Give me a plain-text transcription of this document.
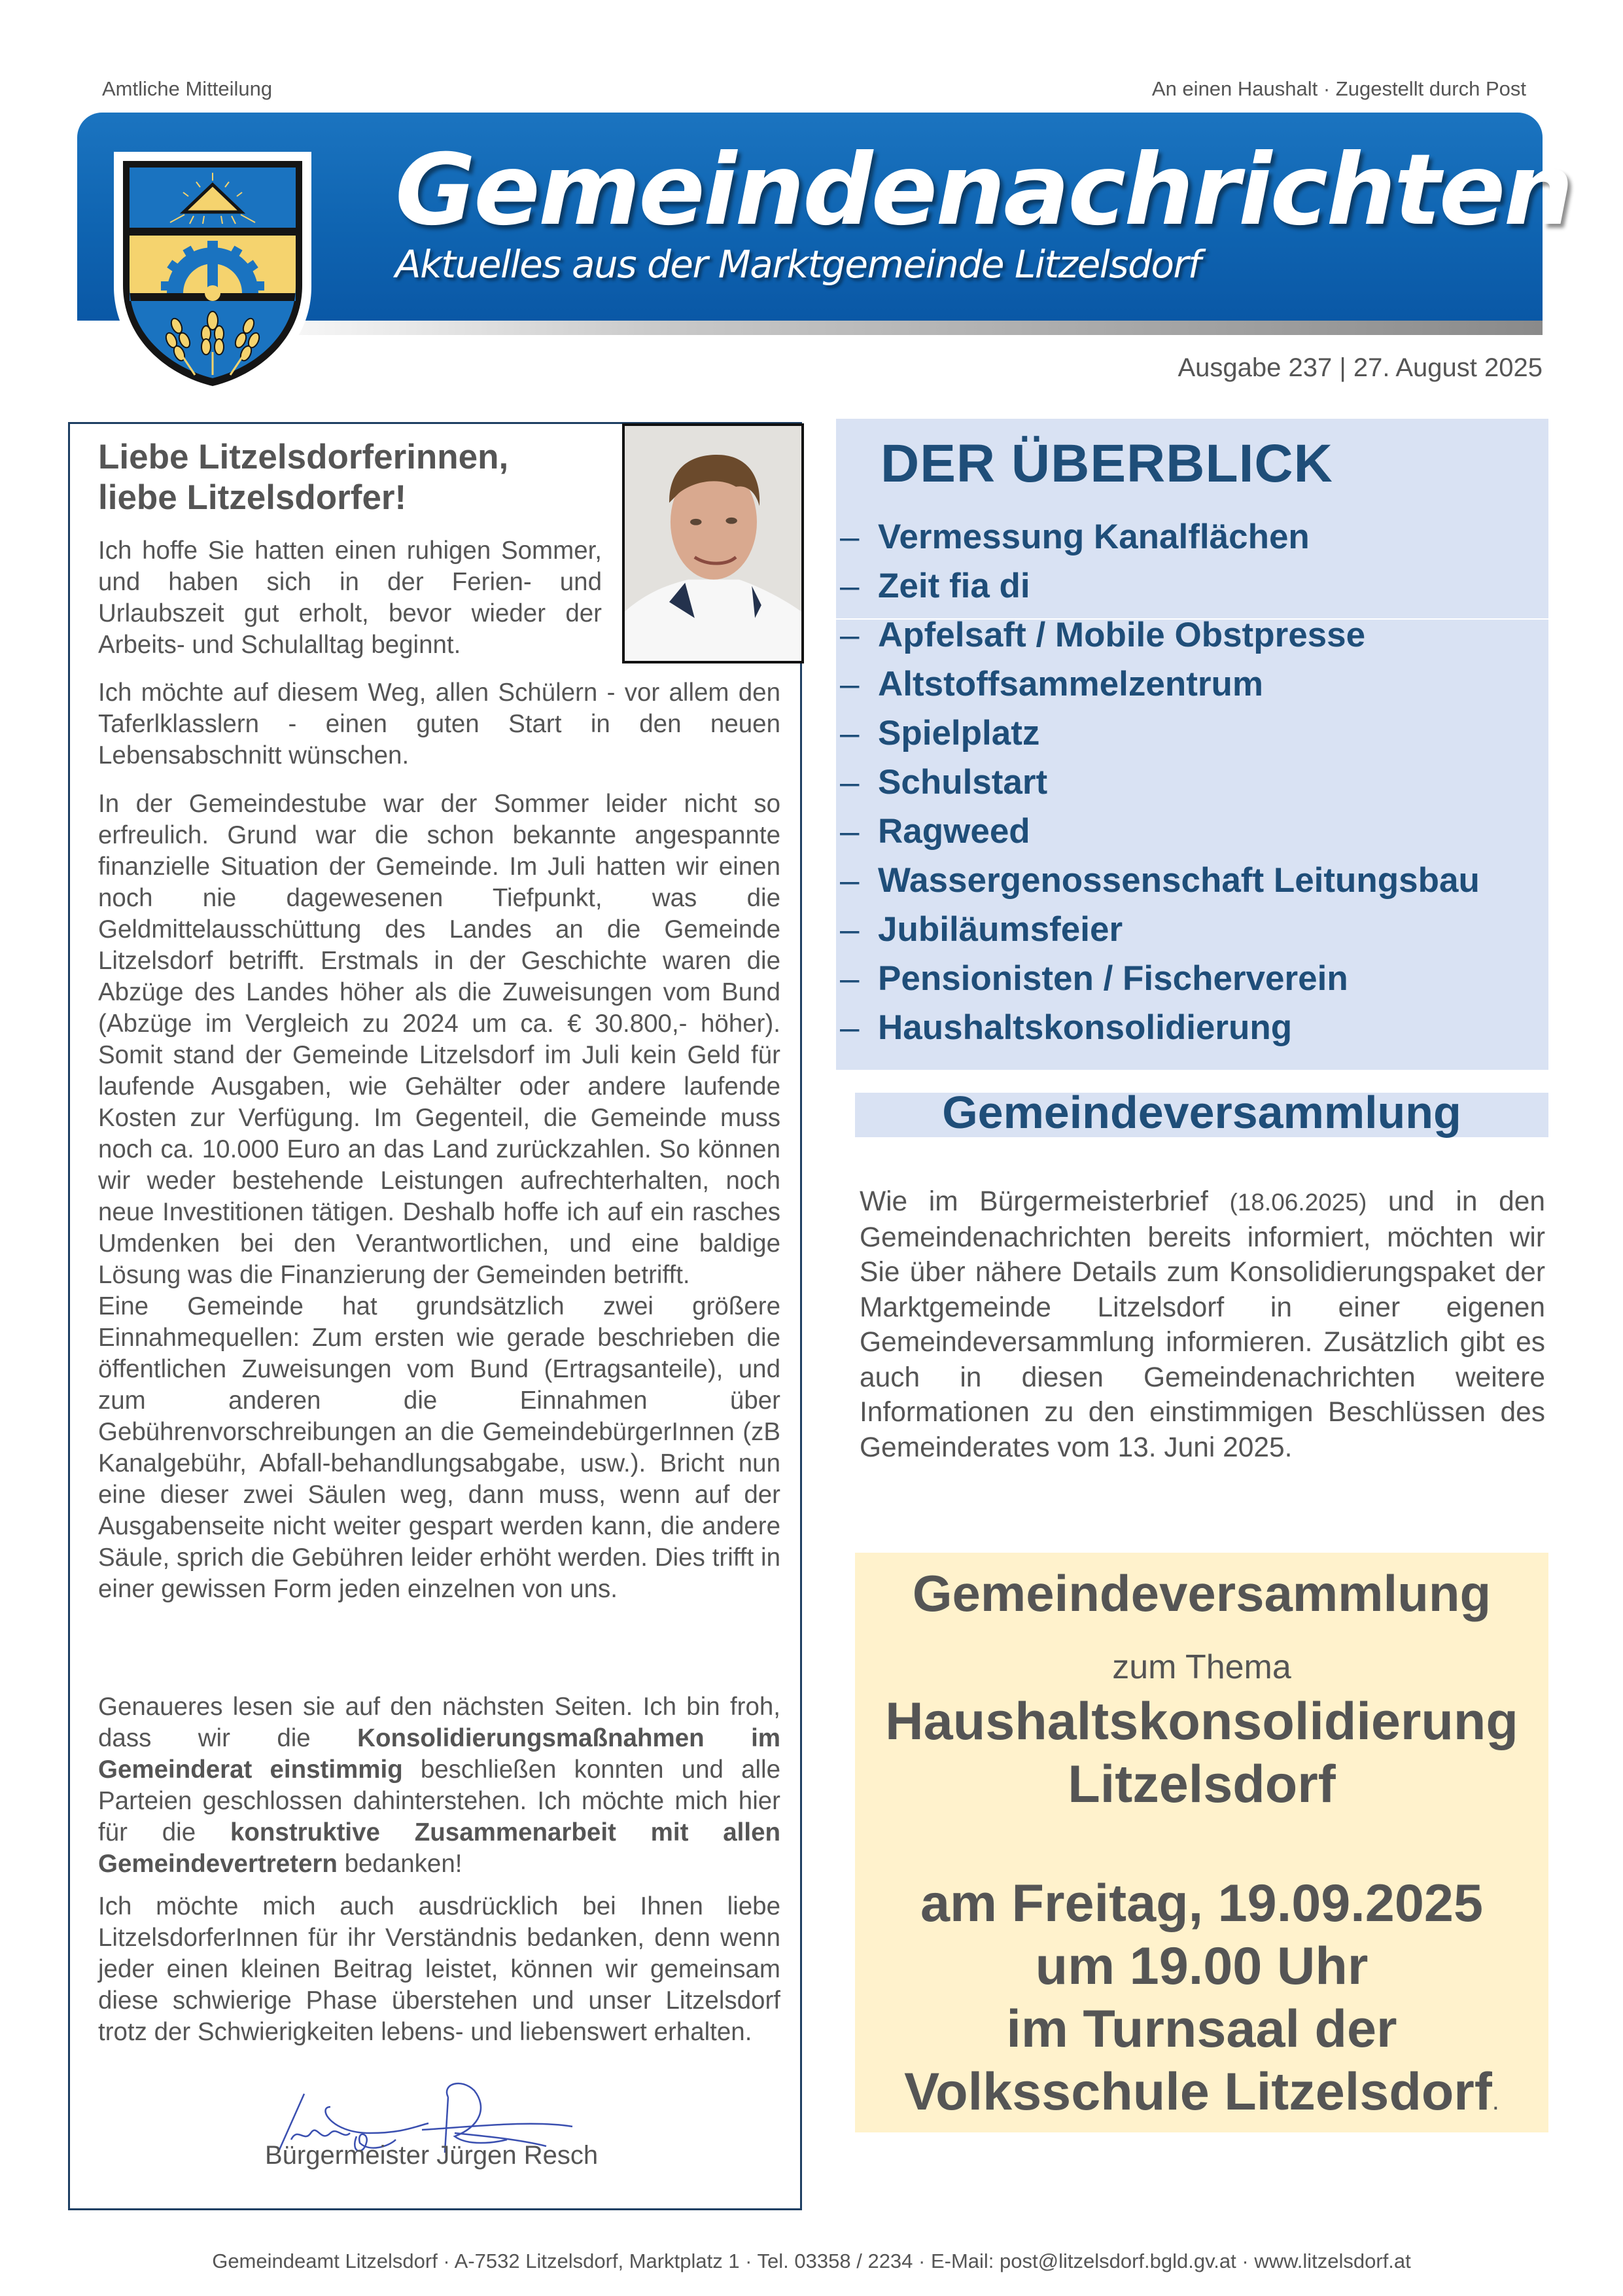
Amtliche Mitteilung	An einen Haushalt · Zugestellt durch Post
Gemeindenachrichten
Aktuelles aus der Marktgemeinde Litzelsdorf
Ausgabe 237 | 27. August 2025
Liebe Litzelsdorferinnen,
liebe Litzelsdorfer!
Ich hoffe Sie hatten einen ruhigen Sommer, und haben sich in der Ferien- und Urlaubszeit gut erholt, bevor wieder der Arbeits- und Schulalltag beginnt.
Ich möchte auf diesem Weg, allen Schülern - vor allem den Taferlklasslern - einen guten Start in den neuen Lebensabschnitt wünschen.
In der Gemeindestube war der Sommer leider nicht so erfreulich. Grund war die schon bekannte angespannte finanzielle Situation der Gemeinde. Im Juli hatten wir einen noch nie dagewesenen Tiefpunkt, was die Geldmittelausschüttung des Landes an die Gemeinde Litzelsdorf betrifft. Erstmals in der Geschichte waren die Abzüge des Landes höher als die Zuweisungen vom Bund (Abzüge im Vergleich zu 2024 um ca. € 30.800,- höher). Somit stand der Gemeinde Litzelsdorf im Juli kein Geld für laufende Ausgaben, wie Gehälter oder andere laufende Kosten zur Verfügung. Im Gegenteil, die Gemeinde muss noch ca. 10.000 Euro an das Land zurückzahlen. So können wir weder bestehende Leistungen aufrechterhalten, noch neue Investitionen tätigen. Deshalb hoffe ich auf ein rasches Umdenken bei den Verantwortlichen, und eine baldige Lösung was die Finanzierung der Gemeinden betrifft.
Eine Gemeinde hat grundsätzlich zwei größere Einnahmequellen: Zum ersten wie gerade beschrieben die öffentlichen Zuweisungen vom Bund (Ertragsanteile), und zum anderen die Einnahmen über Gebührenvorschreibungen an die GemeindebürgerInnen (zB Kanalgebühr, Abfall-behandlungsabgabe, usw.). Bricht nun eine dieser zwei Säulen weg, dann muss, wenn auf der Ausgabenseite nicht weiter gespart werden kann, die andere Säule, sprich die Gebühren leider erhöht werden. Dies trifft in einer gewissen Form jeden einzelnen von uns.
Genaueres lesen sie auf den nächsten Seiten. Ich bin froh, dass wir die Konsolidierungsmaßnahmen im Gemeinderat einstimmig beschließen konnten und alle Parteien geschlossen dahinterstehen. Ich möchte mich hier für die konstruktive Zusammenarbeit mit allen Gemeindevertretern bedanken!
Ich möchte mich auch ausdrücklich bei Ihnen liebe LitzelsdorferInnen für ihr Verständnis bedanken, denn wenn jeder einen kleinen Beitrag leistet, können wir gemeinsam diese schwierige Phase überstehen und unser Litzelsdorf trotz der Schwierigkeiten lebens- und liebenswert erhalten.
Bürgermeister Jürgen Resch
DER ÜBERBLICK
– Vermessung Kanalflächen
– Zeit fia di
– Apfelsaft / Mobile Obstpresse
– Altstoffsammelzentrum
– Spielplatz
– Schulstart
– Ragweed
– Wassergenossenschaft Leitungsbau
– Jubiläumsfeier
– Pensionisten / Fischerverein
– Haushaltskonsolidierung
Gemeindeversammlung
Wie im Bürgermeisterbrief (18.06.2025) und in den Gemeindenachrichten bereits informiert, möchten wir Sie über nähere Details zum Konsolidierungspaket der Marktgemeinde Litzelsdorf in einer eigenen Gemeindeversammlung informieren. Zusätzlich gibt es auch in diesen Gemeindenachrichten weitere Informationen zu den einstimmigen Beschlüssen des Gemeinderates vom 13. Juni 2025.
Gemeindeversammlung
zum Thema
Haushaltskonsolidierung
Litzelsdorf
am Freitag, 19.09.2025
um 19.00 Uhr
im Turnsaal der
Volksschule Litzelsdorf.
Gemeindeamt Litzelsdorf · A-7532 Litzelsdorf, Marktplatz 1 · Tel. 03358 / 2234 · E-Mail: post@litzelsdorf.bgld.gv.at · www.litzelsdorf.at
